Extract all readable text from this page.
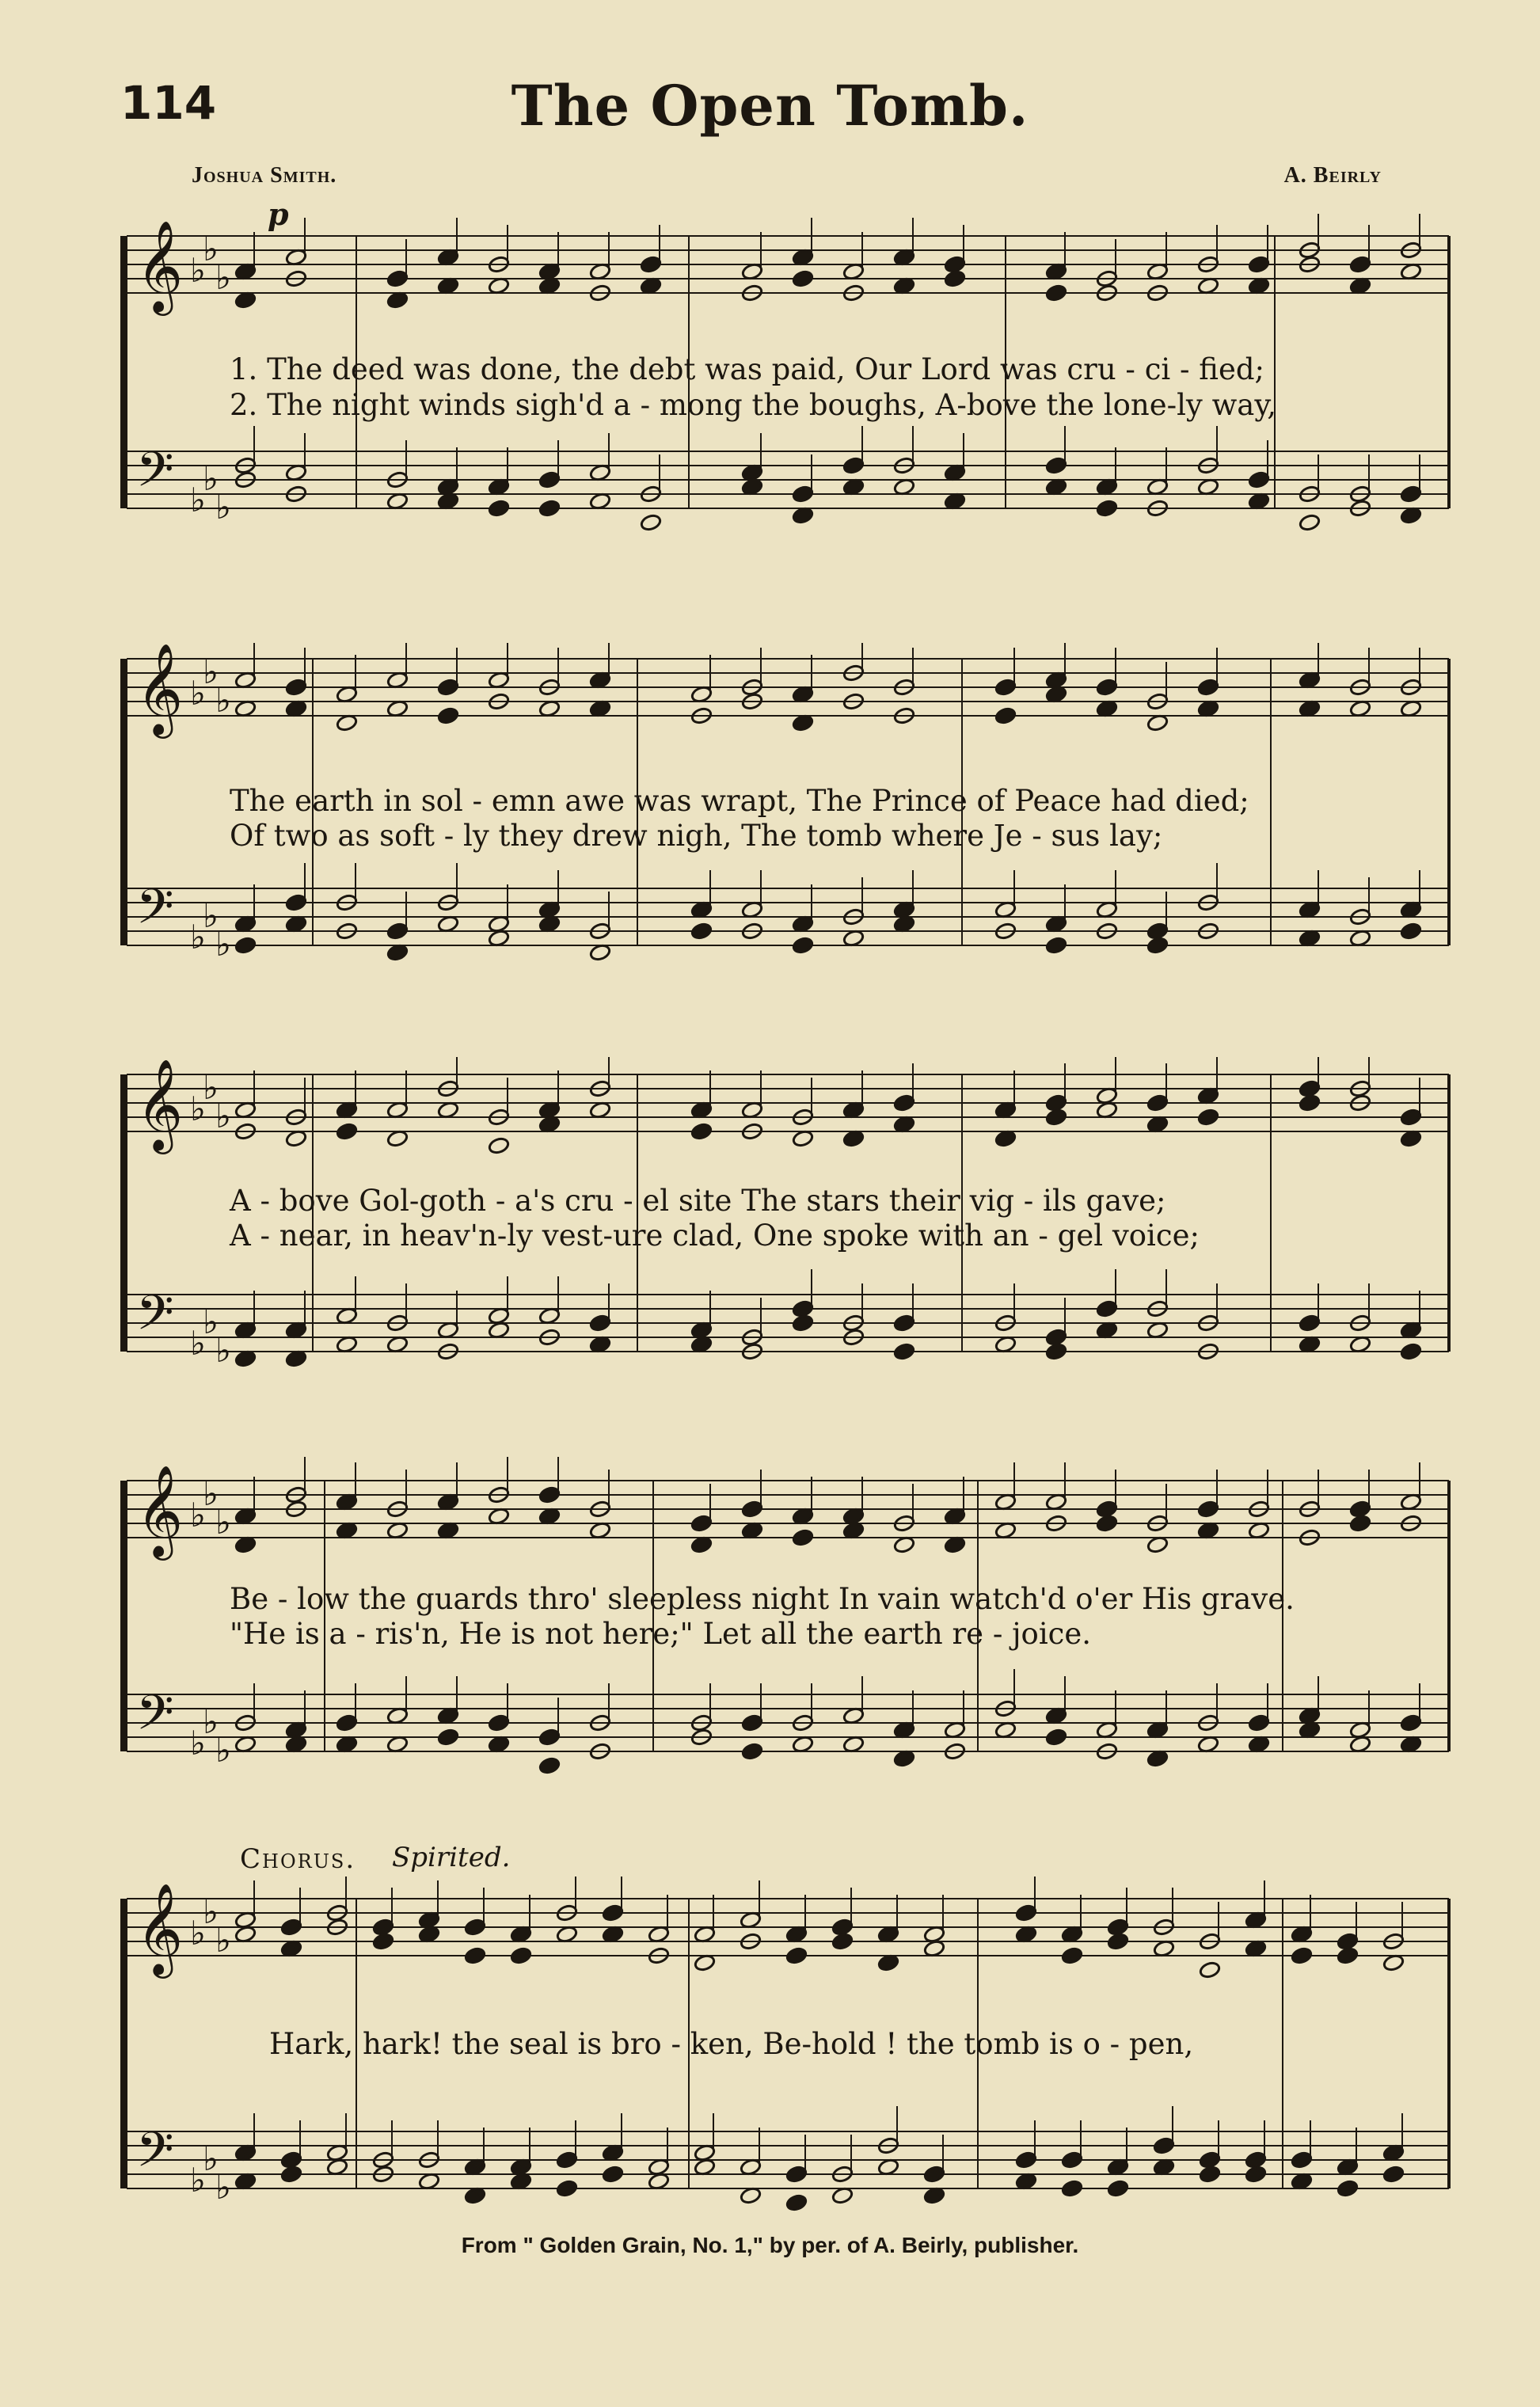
114	The Open Tomb.
Joshua Smith.	A. Beirly
p
𝄞
𝄢
♭
♭
♭
♭
♭
♭
1. The deed was done, the debt was paid, Our Lord was cru - ci - fied;
2. The night winds sigh'd a - mong the boughs, A-bove the lone-ly way,
𝄞
𝄢
♭
♭
♭
♭
♭
♭
The earth in sol - emn awe was wrapt, The Prince of Peace had died;
Of two as soft - ly they drew nigh, The tomb where Je - sus lay;
𝄞
𝄢
♭
♭
♭
♭
♭
♭
A - bove Gol-goth - a's cru - el site The stars their vig - ils gave;
A - near, in heav'n-ly vest-ure clad, One spoke with an - gel voice;
𝄞
𝄢
♭
♭
♭
♭
♭
♭
Be - low the guards thro' sleepless night In vain watch'd o'er His grave.
"He is a - ris'n, He is not here;" Let all the earth re - joice.
Chorus. Spirited.
𝄞
𝄢
♭
♭
♭
♭
♭
♭
Hark, hark! the seal is bro - ken, Be-hold ! the tomb is o - pen,
From " Golden Grain, No. 1," by per. of A. Beirly, publisher.
